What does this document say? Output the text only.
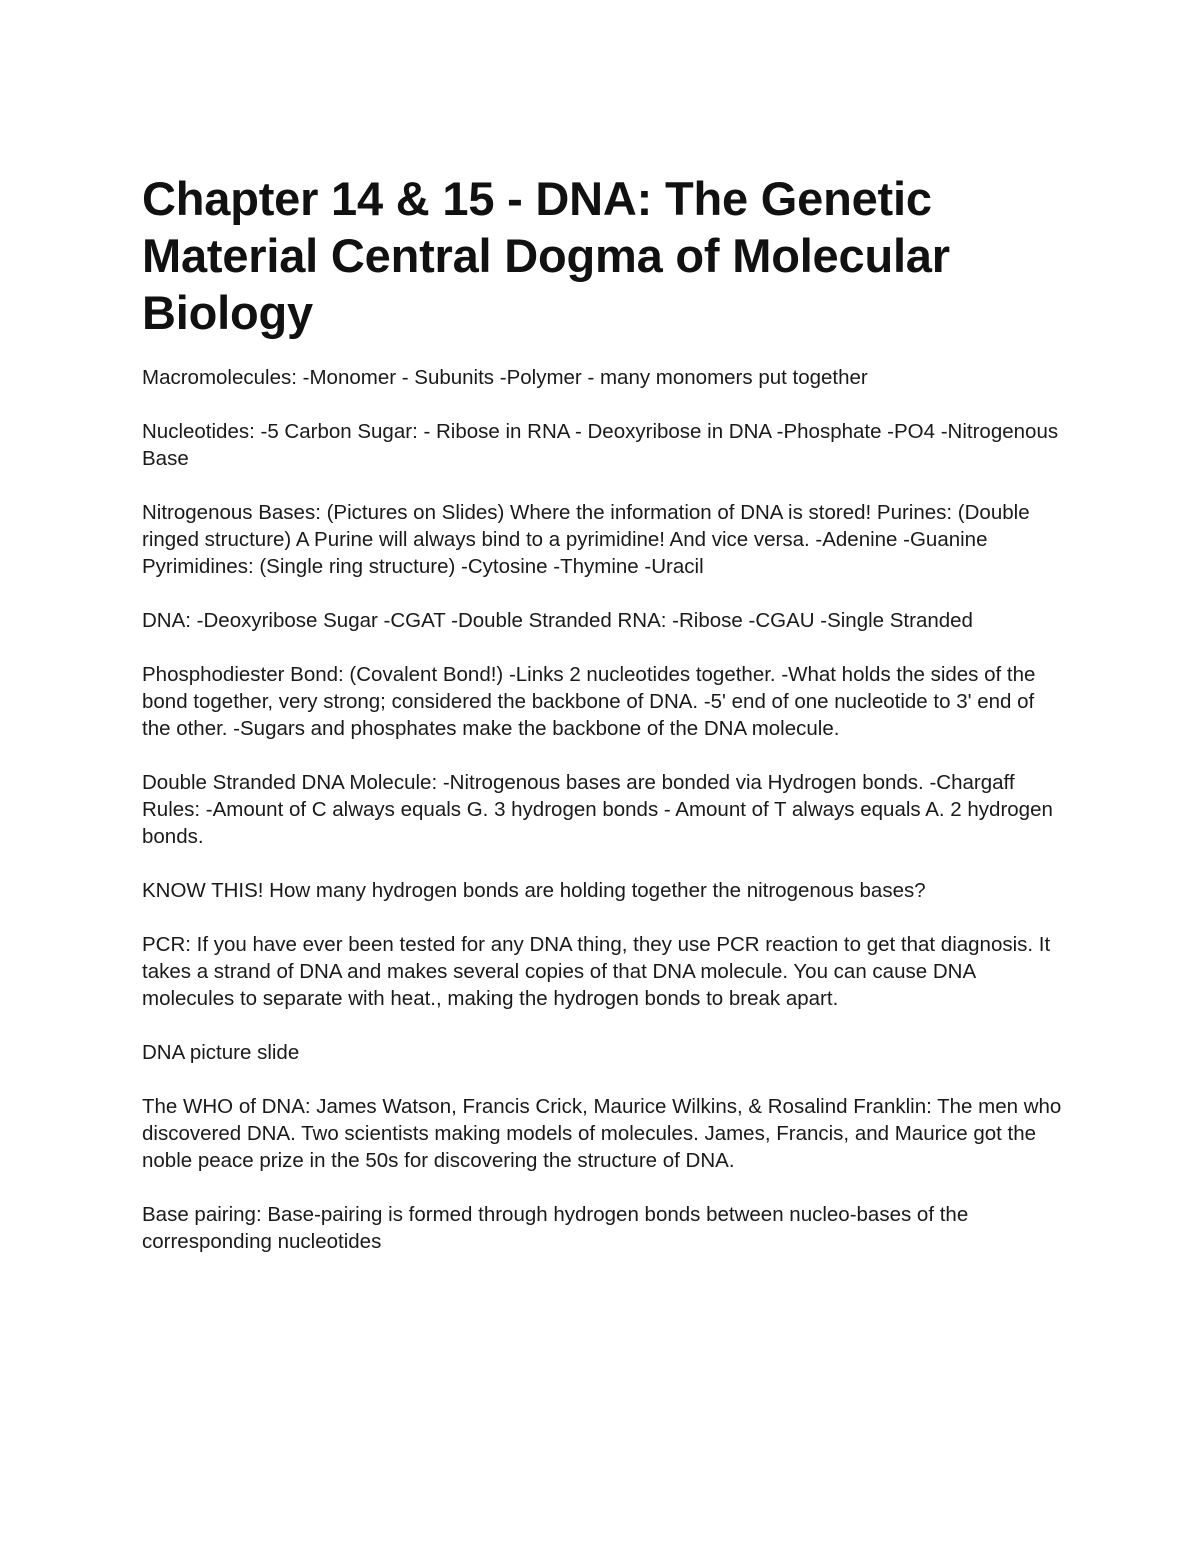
Chapter 14 & 15 - DNA: The Genetic Material Central Dogma of Molecular Biology

Macromolecules: -Monomer - Subunits -Polymer - many monomers put together

Nucleotides: -5 Carbon Sugar: - Ribose in RNA - Deoxyribose in DNA -Phosphate -PO4 -Nitrogenous Base

Nitrogenous Bases: (Pictures on Slides) Where the information of DNA is stored! Purines: (Double ringed structure) A Purine will always bind to a pyrimidine! And vice versa. -Adenine -Guanine Pyrimidines: (Single ring structure) -Cytosine -Thymine -Uracil

DNA: -Deoxyribose Sugar -CGAT -Double Stranded RNA: -Ribose -CGAU -Single Stranded

Phosphodiester Bond: (Covalent Bond!) -Links 2 nucleotides together. -What holds the sides of the bond together, very strong; considered the backbone of DNA. -5' end of one nucleotide to 3' end of the other. -Sugars and phosphates make the backbone of the DNA molecule.

Double Stranded DNA Molecule: -Nitrogenous bases are bonded via Hydrogen bonds. -Chargaff Rules: -Amount of C always equals G. 3 hydrogen bonds - Amount of T always equals A. 2 hydrogen bonds.

KNOW THIS! How many hydrogen bonds are holding together the nitrogenous bases?

PCR: If you have ever been tested for any DNA thing, they use PCR reaction to get that diagnosis. It takes a strand of DNA and makes several copies of that DNA molecule. You can cause DNA molecules to separate with heat., making the hydrogen bonds to break apart.

DNA picture slide

The WHO of DNA: James Watson, Francis Crick, Maurice Wilkins, & Rosalind Franklin: The men who discovered DNA. Two scientists making models of molecules. James, Francis, and Maurice got the noble peace prize in the 50s for discovering the structure of DNA.

Base pairing: Base-pairing is formed through hydrogen bonds between nucleo-bases of the corresponding nucleotides
